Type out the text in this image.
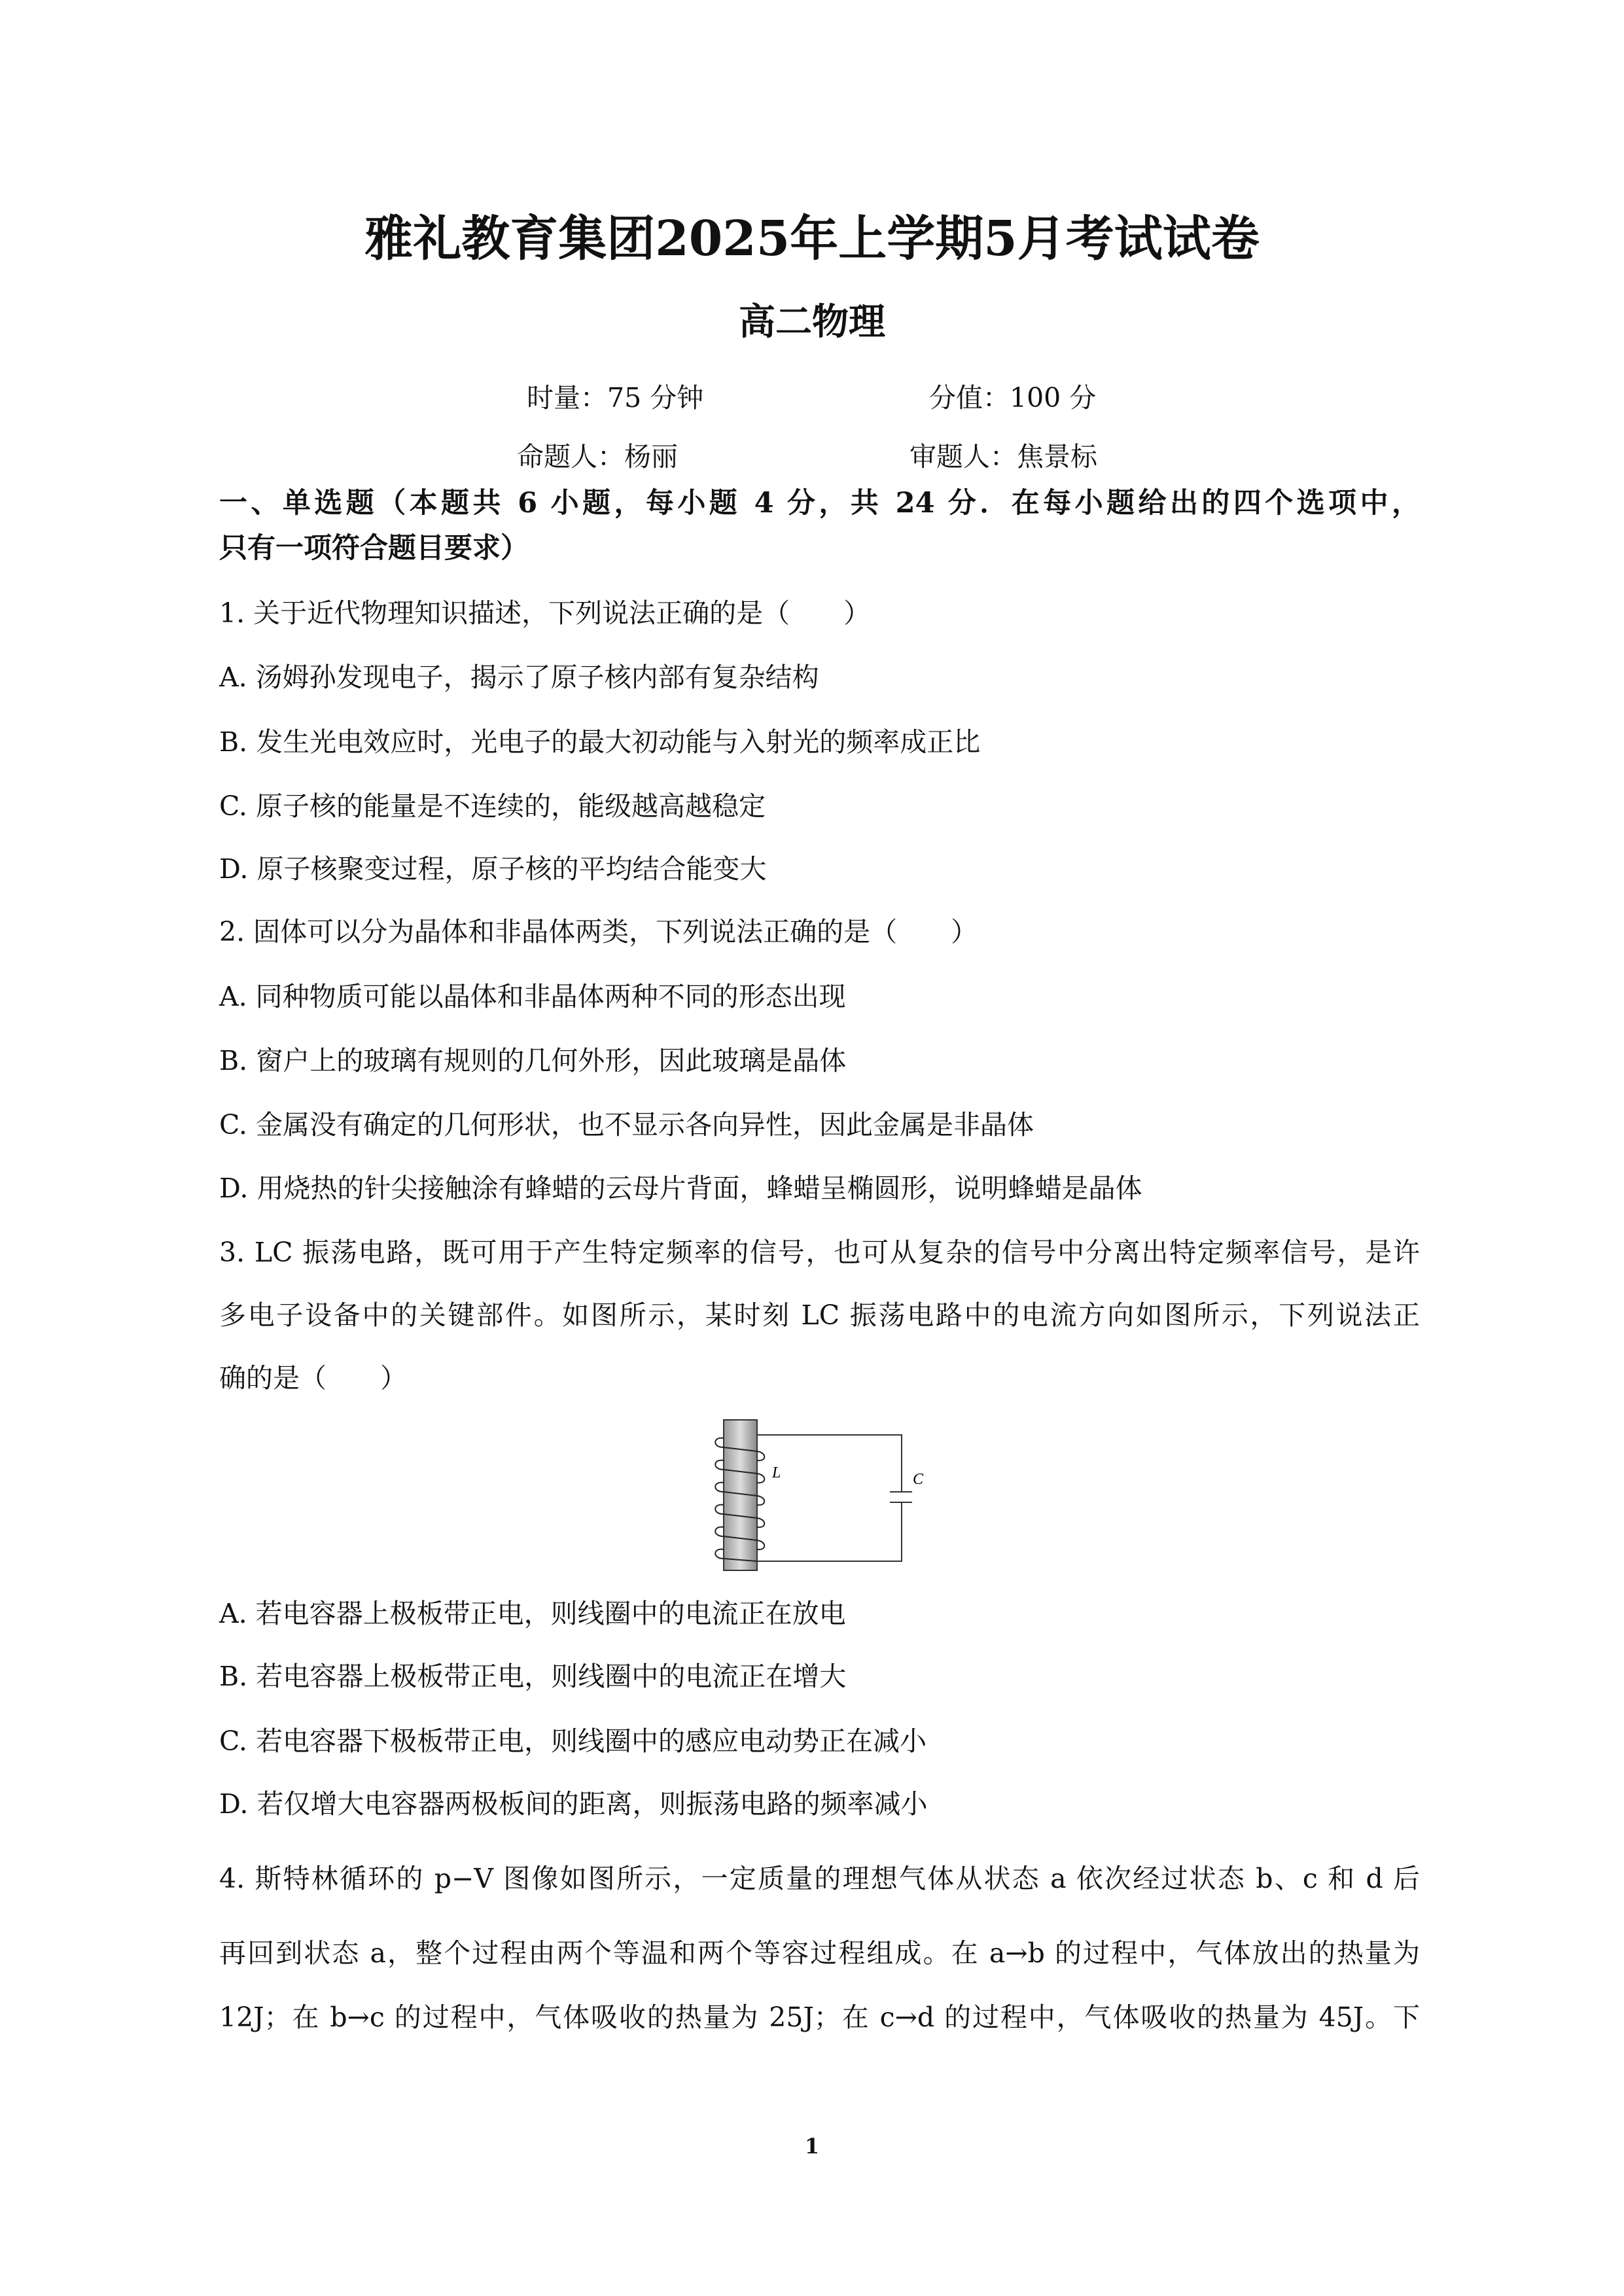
雅礼教育集团2025年上学期5月考试试卷
高二物理
时量：75 分钟	分值：100 分
命题人：杨丽	审题人：焦景标
一、单选题（本题共 6 小题，每小题 4 分，共 24 分．在每小题给出的四个选项中，
只有一项符合题目要求）
1. 关于近代物理知识描述，下列说法正确的是（　　）
A. 汤姆孙发现电子，揭示了原子核内部有复杂结构
B. 发生光电效应时，光电子的最大初动能与入射光的频率成正比
C. 原子核的能量是不连续的，能级越高越稳定
D. 原子核聚变过程，原子核的平均结合能变大
2. 固体可以分为晶体和非晶体两类，下列说法正确的是（　　）
A. 同种物质可能以晶体和非晶体两种不同的形态出现
B. 窗户上的玻璃有规则的几何外形，因此玻璃是晶体
C. 金属没有确定的几何形状，也不显示各向异性，因此金属是非晶体
D. 用烧热的针尖接触涂有蜂蜡的云母片背面，蜂蜡呈椭圆形，说明蜂蜡是晶体
3. LC 振荡电路，既可用于产生特定频率的信号，也可从复杂的信号中分离出特定频率信号，是许
多电子设备中的关键部件。如图所示，某时刻 LC 振荡电路中的电流方向如图所示，下列说法正
确的是（　　）
L	C
A. 若电容器上极板带正电，则线圈中的电流正在放电
B. 若电容器上极板带正电，则线圈中的电流正在增大
C. 若电容器下极板带正电，则线圈中的感应电动势正在减小
D. 若仅增大电容器两极板间的距离，则振荡电路的频率减小
4. 斯特林循环的 p−V 图像如图所示，一定质量的理想气体从状态 a 依次经过状态 b、c 和 d 后
再回到状态 a，整个过程由两个等温和两个等容过程组成。在 a→b 的过程中，气体放出的热量为
12J；在 b→c 的过程中，气体吸收的热量为 25J；在 c→d 的过程中，气体吸收的热量为 45J。下
1
